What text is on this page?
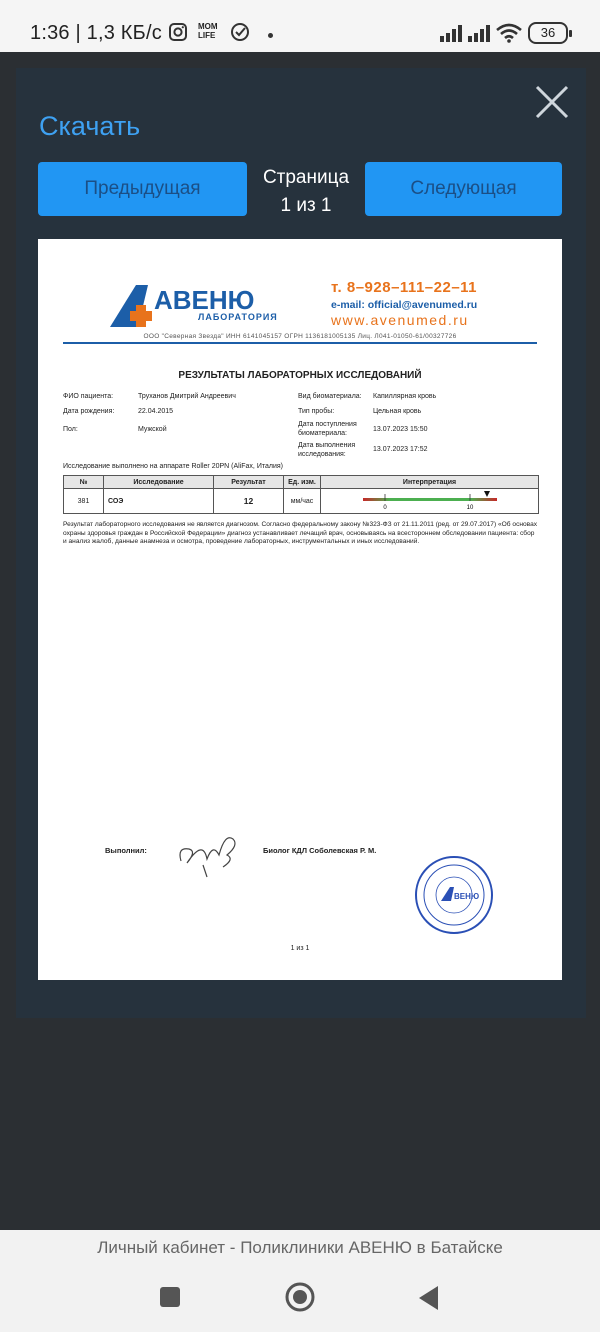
1:36 | 1,3 КБ/с	MOM LIFE	36
Скачать
Предыдущая
Страница
1 из 1
Следующая
АВЕНЮ
ЛАБОРАТОРИЯ
т. 8–928–111–22–11
e-mail: official@avenumed.ru
www.avenumed.ru
ООО "Северная Звезда" ИНН 6141045157 ОГРН 1136181005135 Лиц. Л041-01050-61/00327726
РЕЗУЛЬТАТЫ ЛАБОРАТОРНЫХ ИССЛЕДОВАНИЙ
ФИО пациента:	Труханов Дмитрий Андреевич
Дата рождения:	22.04.2015
Пол:	Мужской
Вид биоматериала: Капиллярная кровь
Тип пробы:	Цельная кровь
Дата поступления биоматериала:
13.07.2023 15:50
Дата выполнения исследования:
13.07.2023 17:52
Исследование выполнено на аппарате Roller 20PN (AliFax, Италия)
№	Исследование	Результат	Ед. изм.	Интерпретация
381	СОЭ	12	мм/час	0 10
Результат лабораторного исследования не является диагнозом. Согласно федеральному закону №323-ФЗ от 21.11.2011 (ред. от 29.07.2017) «Об основах охраны здоровья граждан в Российской Федерации» диагноз устанавливает лечащий врач, основываясь на всестороннем обследовании пациента: сбор и анализ жалоб, данные анамнеза и осмотра, проведение лабораторных, инструментальных и иных исследований.
Выполнил:	Биолог КДЛ Соболевская Р. М.
ВЕНЮ
1 из 1
Личный кабинет - Поликлиники АВЕНЮ в Батайске
